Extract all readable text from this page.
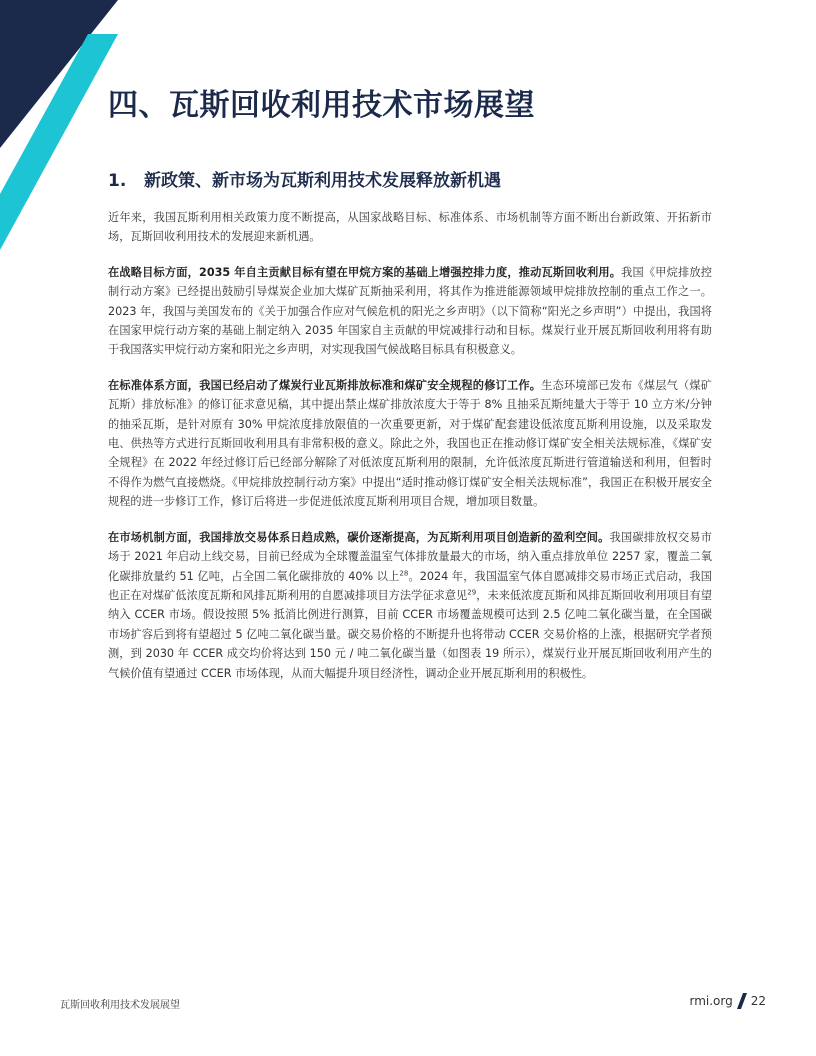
四、瓦斯回收利用技术市场展望
1. 新政策、新市场为瓦斯利用技术发展释放新机遇

近年来，我国瓦斯利用相关政策力度不断提高，从国家战略目标、标准体系、市场机制等方面不断出台新政策、开拓新市场，瓦斯回收利用技术的发展迎来新机遇。

在战略目标方面，2035 年自主贡献目标有望在甲烷方案的基础上增强控排力度，推动瓦斯回收利用。我国《甲烷排放控制行动方案》已经提出鼓励引导煤炭企业加大煤矿瓦斯抽采利用，将其作为推进能源领域甲烷排放控制的重点工作之一。2023 年，我国与美国发布的《关于加强合作应对气候危机的阳光之乡声明》（以下简称“阳光之乡声明”）中提出，我国将在国家甲烷行动方案的基础上制定纳入 2035 年国家自主贡献的甲烷减排行动和目标。煤炭行业开展瓦斯回收利用将有助于我国落实甲烷行动方案和阳光之乡声明，对实现我国气候战略目标具有积极意义。

在标准体系方面，我国已经启动了煤炭行业瓦斯排放标准和煤矿安全规程的修订工作。生态环境部已发布《煤层气（煤矿瓦斯）排放标准》的修订征求意见稿，其中提出禁止煤矿排放浓度大于等于 8% 且抽采瓦斯纯量大于等于 10 立方米/分钟的抽采瓦斯，是针对原有 30% 甲烷浓度排放限值的一次重要更新，对于煤矿配套建设低浓度瓦斯利用设施，以及采取发电、供热等方式进行瓦斯回收利用具有非常积极的意义。除此之外，我国也正在推动修订煤矿安全相关法规标准，《煤矿安全规程》在 2022 年经过修订后已经部分解除了对低浓度瓦斯利用的限制，允许低浓度瓦斯进行管道输送和利用，但暂时不得作为燃气直接燃烧。《甲烷排放控制行动方案》中提出“适时推动修订煤矿安全相关法规标准”，我国正在积极开展安全规程的进一步修订工作，修订后将进一步促进低浓度瓦斯利用项目合规，增加项目数量。

在市场机制方面，我国排放交易体系日趋成熟，碳价逐渐提高，为瓦斯利用项目创造新的盈利空间。我国碳排放权交易市场于 2021 年启动上线交易，目前已经成为全球覆盖温室气体排放量最大的市场，纳入重点排放单位 2257 家，覆盖二氧化碳排放量约 51 亿吨，占全国二氧化碳排放的 40% 以上$^{28}$。2024 年，我国温室气体自愿减排交易市场正式启动，我国也正在对煤矿低浓度瓦斯和风排瓦斯利用的自愿减排项目方法学征求意见$^{29}$，未来低浓度瓦斯和风排瓦斯回收利用项目有望纳入 CCER 市场。假设按照 5% 抵消比例进行测算，目前 CCER 市场覆盖规模可达到 2.5 亿吨二氧化碳当量，在全国碳市场扩容后到将有望超过 5 亿吨二氧化碳当量。碳交易价格的不断提升也将带动 CCER 交易价格的上涨，根据研究学者预测，到 2030 年 CCER 成交均价将达到 150 元 / 吨二氧化碳当量（如图表 19 所示），煤炭行业开展瓦斯回收利用产生的气候价值有望通过 CCER 市场体现，从而大幅提升项目经济性，调动企业开展瓦斯利用的积极性。

瓦斯回收利用技术发展展望	rmi.org 22
